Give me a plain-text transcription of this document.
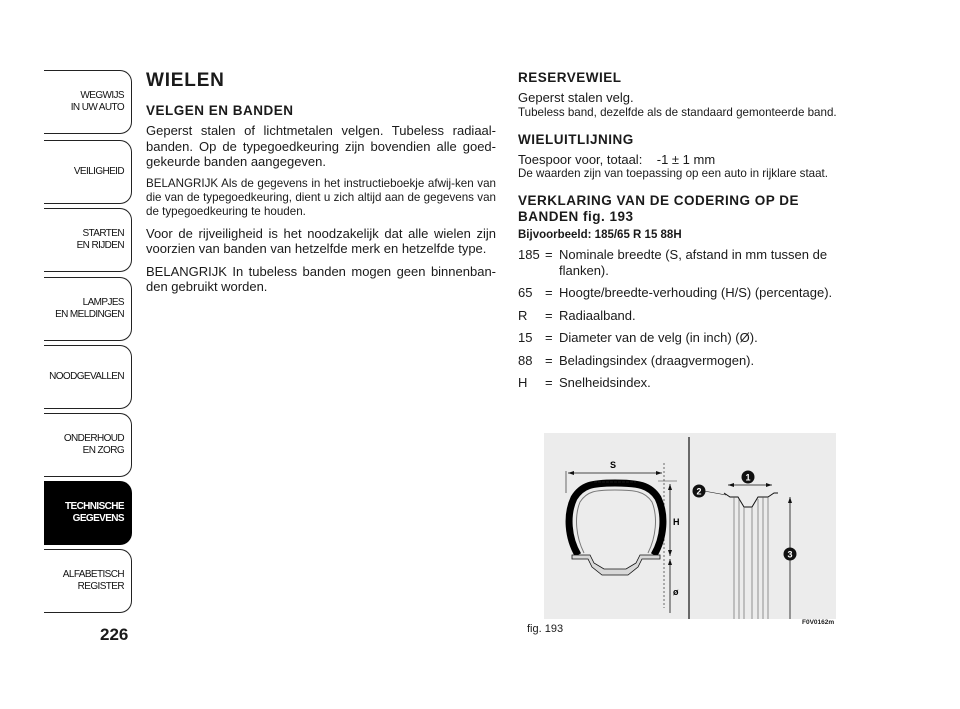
WEGWIJS
IN UW AUTO
VEILIGHEID
STARTEN
EN RIJDEN
LAMPJES
EN MELDINGEN
NOODGEVALLEN
ONDERHOUD
EN ZORG
TECHNISCHE
GEGEVENS
ALFABETISCH
REGISTER
226
WIELEN
VELGEN EN BANDEN

Geperst stalen of lichtmetalen velgen. Tubeless radiaal-banden. Op de typegoedkeuring zijn bovendien alle goed-gekeurde banden aangegeven.

BELANGRIJK Als de gegevens in het instructieboekje afwij-ken van die van de typegoedkeuring, dient u zich altijd aan de gegevens van de typegoedkeuring te houden.

Voor de rijveiligheid is het noodzakelijk dat alle wielen zijn voorzien van banden van hetzelfde merk en hetzelfde type.

BELANGRIJK In tubeless banden mogen geen binnenban-den gebruikt worden.

RESERVEWIEL

Geperst stalen velg.

Tubeless band, dezelfde als de standaard gemonteerde band.

WIELUITLIJNING

Toespoor voor, totaal:    -1 ± 1 mm

De waarden zijn van toepassing op een auto in rijklare staat.

VERKLARING VAN DE CODERING OP DE BANDEN fig. 193
Bijvoorbeeld: 185/65 R 15 88H
185 = Nominale breedte (S, afstand in mm tussen de flanken).
65 = Hoogte/breedte-verhouding (H/S) (percentage).
R	= Radiaalband.
15 = Diameter van de velg (in inch) (Ø).
88 = Beladingsindex (draagvermogen).
H	= Snelheidsindex.
S
H
ø
1
2
3
fig. 193
F0V0162m
